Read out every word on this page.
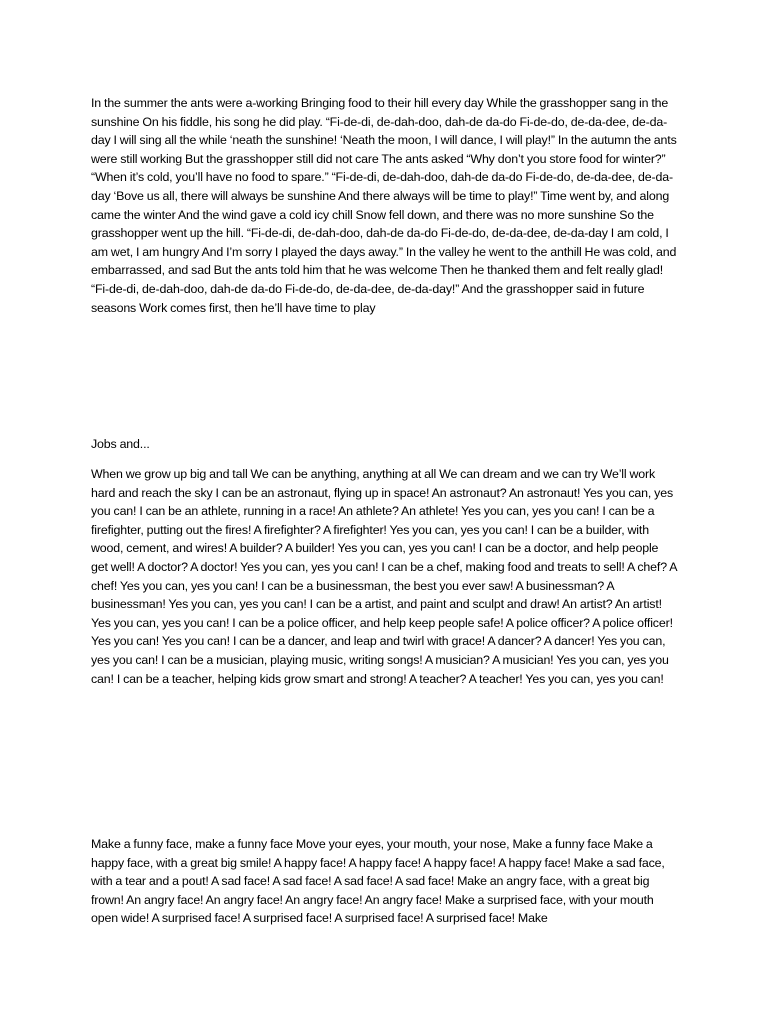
In the summer the ants were a-working Bringing food to their hill every day While the grasshopper sang in the sunshine On his fiddle, his song he did play. “Fi-de-di, de-dah-doo, dah-de da-do Fi-de-do, de-da-dee, de-da-day I will sing all the while ‘neath the sunshine! ‘Neath the moon, I will dance, I will play!” In the autumn the ants were still working But the grasshopper still did not care The ants asked “Why don’t you store food for winter?” “When it’s cold, you’ll have no food to spare.” “Fi-de-di, de-dah-doo, dah-de da-do Fi-de-do, de-da-dee, de-da-day ‘Bove us all, there will always be sunshine And there always will be time to play!” Time went by, and along came the winter And the wind gave a cold icy chill Snow fell down, and there was no more sunshine So the grasshopper went up the hill. “Fi-de-di, de-dah-doo, dah-de da-do Fi-de-do, de-da-dee, de-da-day I am cold, I am wet, I am hungry And I’m sorry I played the days away.” In the valley he went to the anthill He was cold, and embarrassed, and sad But the ants told him that he was welcome Then he thanked them and felt really glad! “Fi-de-di, de-dah-doo, dah-de da-do Fi-de-do, de-da-dee, de-da-day!” And the grasshopper said in future seasons Work comes first, then he’ll have time to play

Jobs and...

When we grow up big and tall We can be anything, anything at all We can dream and we can try We’ll work hard and reach the sky I can be an astronaut, flying up in space! An astronaut? An astronaut! Yes you can, yes you can! I can be an athlete, running in a race! An athlete? An athlete! Yes you can, yes you can! I can be a firefighter, putting out the fires! A firefighter? A firefighter! Yes you can, yes you can! I can be a builder, with wood, cement, and wires! A builder? A builder! Yes you can, yes you can! I can be a doctor, and help people get well! A doctor? A doctor! Yes you can, yes you can! I can be a chef, making food and treats to sell! A chef? A chef! Yes you can, yes you can! I can be a businessman, the best you ever saw! A businessman? A businessman! Yes you can, yes you can! I can be a artist, and paint and sculpt and draw! An artist? An artist! Yes you can, yes you can! I can be a police officer, and help keep people safe! A police officer? A police officer! Yes you can! Yes you can! I can be a dancer, and leap and twirl with grace! A dancer? A dancer! Yes you can, yes you can! I can be a musician, playing music, writing songs! A musician? A musician! Yes you can, yes you can! I can be a teacher, helping kids grow smart and strong! A teacher? A teacher! Yes you can, yes you can!

Make a funny face, make a funny face Move your eyes, your mouth, your nose, Make a funny face Make a happy face, with a great big smile! A happy face! A happy face! A happy face! A happy face! Make a sad face, with a tear and a pout! A sad face! A sad face! A sad face! A sad face! Make an angry face, with a great big frown! An angry face! An angry face! An angry face! An angry face! Make a surprised face, with your mouth open wide! A surprised face! A surprised face! A surprised face! A surprised face! Make
